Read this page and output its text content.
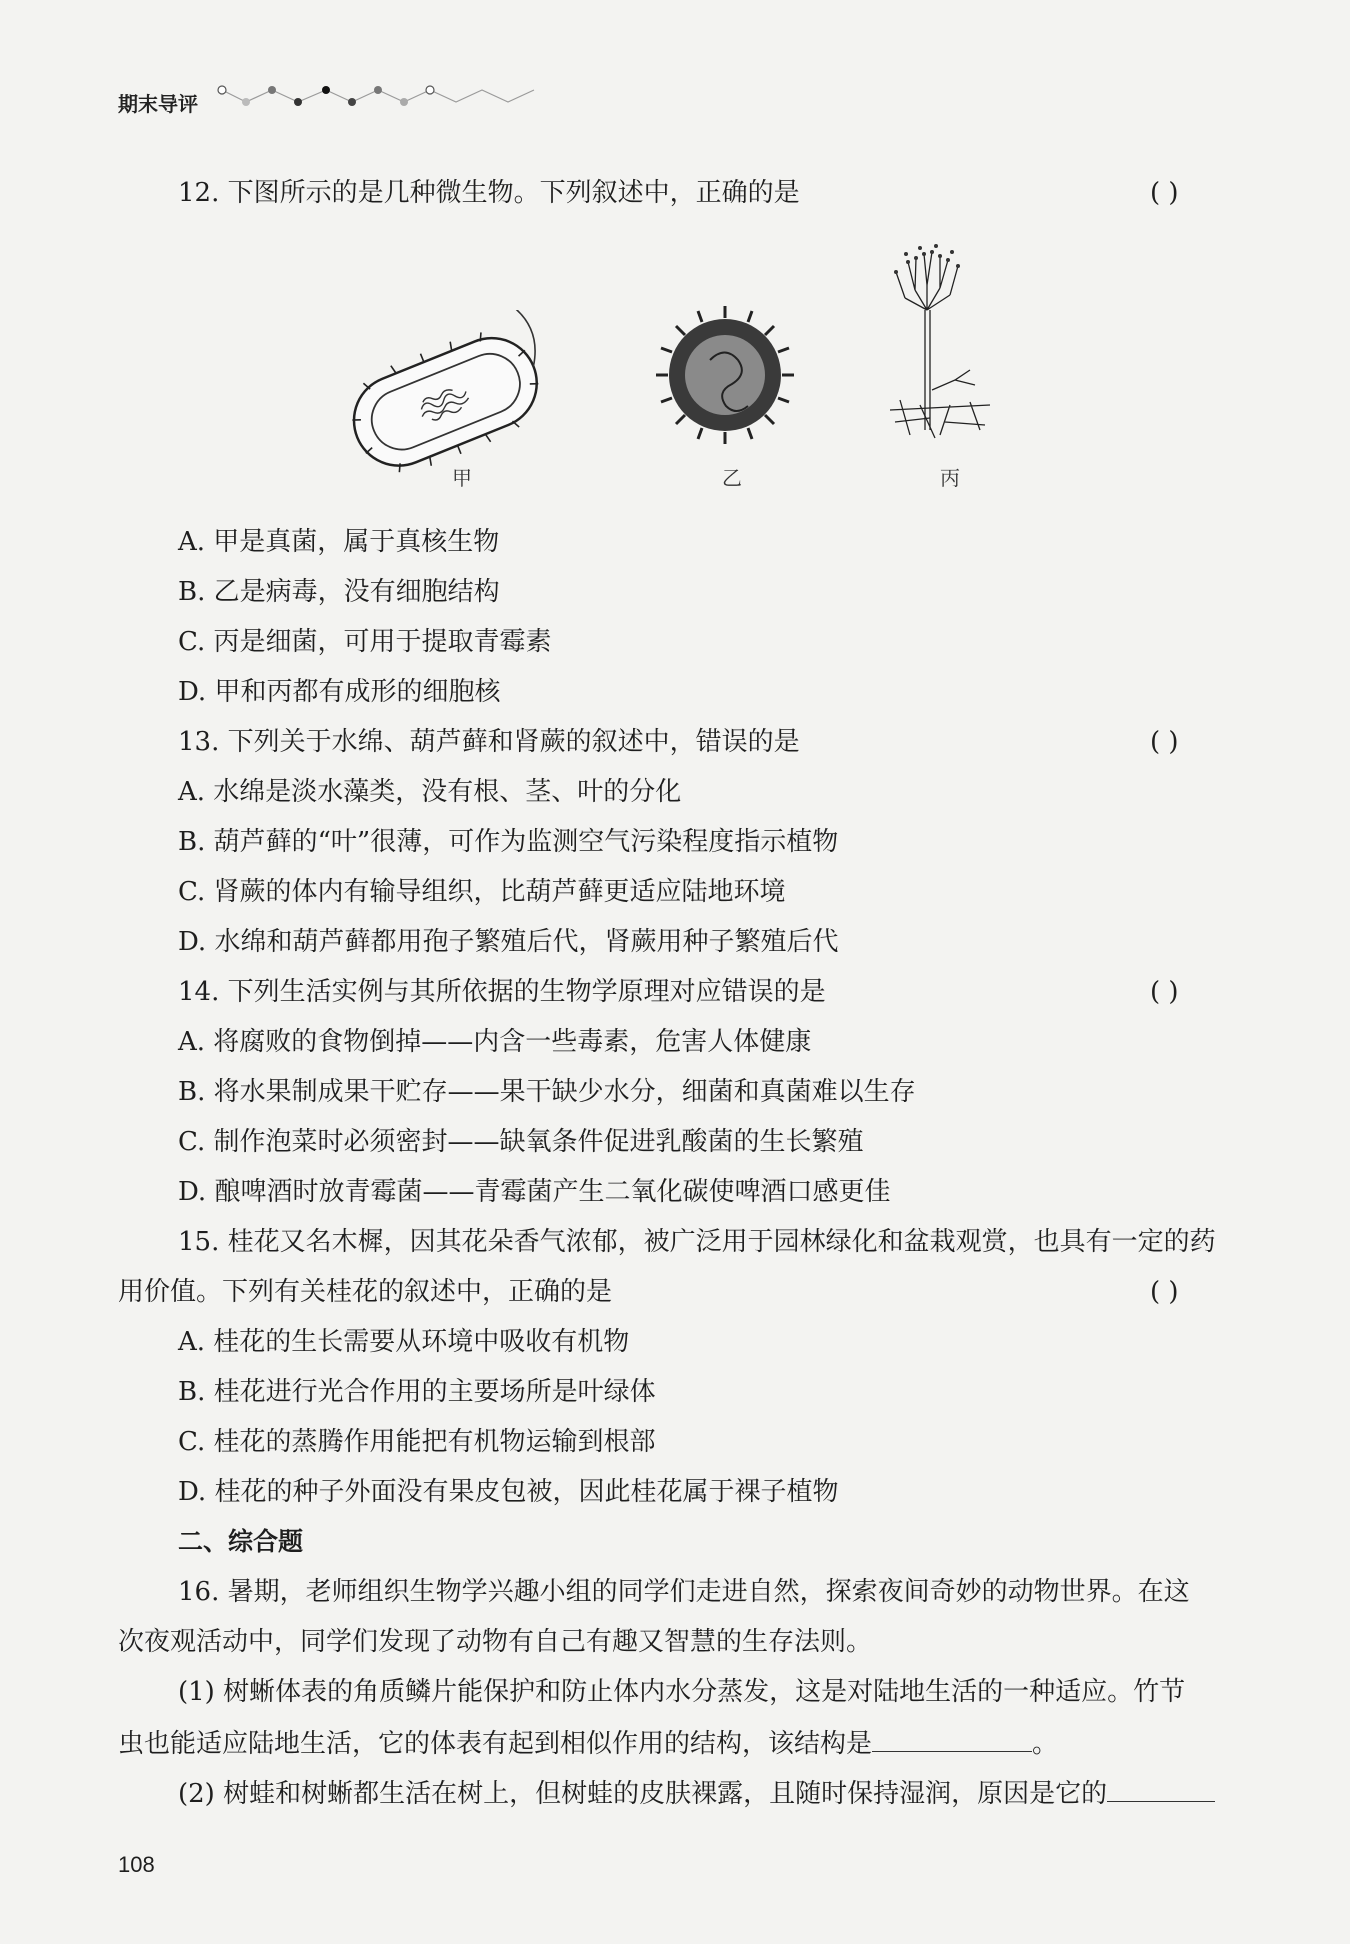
期末导评
12. 下图所示的是几种微生物。下列叙述中，正确的是	( )
甲	乙	丙
A. 甲是真菌，属于真核生物
B. 乙是病毒，没有细胞结构
C. 丙是细菌，可用于提取青霉素
D. 甲和丙都有成形的细胞核
13. 下列关于水绵、葫芦藓和肾蕨的叙述中，错误的是	( )
A. 水绵是淡水藻类，没有根、茎、叶的分化
B. 葫芦藓的“叶”很薄，可作为监测空气污染程度指示植物
C. 肾蕨的体内有输导组织，比葫芦藓更适应陆地环境
D. 水绵和葫芦藓都用孢子繁殖后代，肾蕨用种子繁殖后代
14. 下列生活实例与其所依据的生物学原理对应错误的是	( )
A. 将腐败的食物倒掉——内含一些毒素，危害人体健康
B. 将水果制成果干贮存——果干缺少水分，细菌和真菌难以生存
C. 制作泡菜时必须密封——缺氧条件促进乳酸菌的生长繁殖
D. 酿啤酒时放青霉菌——青霉菌产生二氧化碳使啤酒口感更佳
15. 桂花又名木樨，因其花朵香气浓郁，被广泛用于园林绿化和盆栽观赏，也具有一定的药
用价值。下列有关桂花的叙述中，正确的是	( )
A. 桂花的生长需要从环境中吸收有机物
B. 桂花进行光合作用的主要场所是叶绿体
C. 桂花的蒸腾作用能把有机物运输到根部
D. 桂花的种子外面没有果皮包被，因此桂花属于裸子植物
二、综合题
16. 暑期，老师组织生物学兴趣小组的同学们走进自然，探索夜间奇妙的动物世界。在这
次夜观活动中，同学们发现了动物有自己有趣又智慧的生存法则。
(1) 树蜥体表的角质鳞片能保护和防止体内水分蒸发，这是对陆地生活的一种适应。竹节
虫也能适应陆地生活，它的体表有起到相似作用的结构，该结构是	。
(2) 树蛙和树蜥都生活在树上，但树蛙的皮肤裸露，且随时保持湿润，原因是它的
108
